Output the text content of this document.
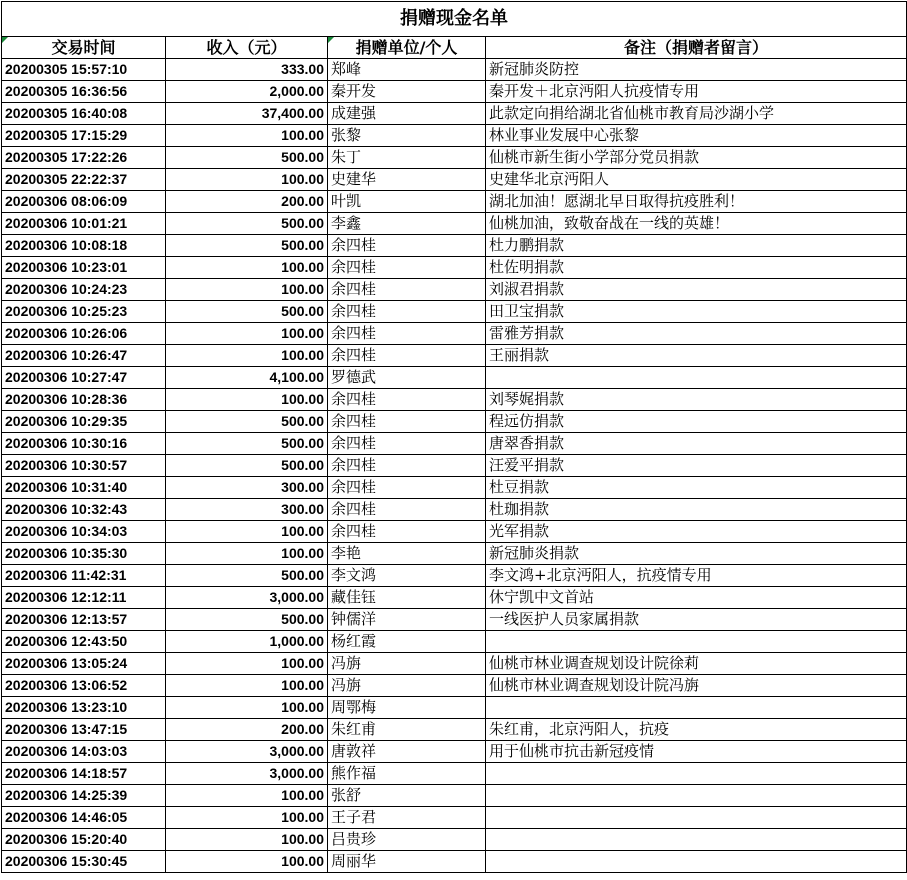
捐赠现金名单			

交易时间	收入（元）	捐赠单位/个人	备注（捐赠者留言）
20200305 15:57:10	333.00	郑峰	新冠肺炎防控
20200305 16:36:56	2,000.00	秦开发	秦开发＋北京沔阳人抗疫情专用
20200305 16:40:08	37,400.00	成建强	此款定向捐给湖北省仙桃市教育局沙湖小学
20200305 17:15:29	100.00	张黎	林业事业发展中心张黎
20200305 17:22:26	500.00	朱丁	仙桃市新生街小学部分党员捐款
20200305 22:22:37	100.00	史建华	史建华北京沔阳人
20200306 08:06:09	200.00	叶凯	湖北加油！愿湖北早日取得抗疫胜利！
20200306 10:01:21	500.00	李鑫	仙桃加油，致敬奋战在一线的英雄！
20200306 10:08:18	500.00	余四桂	杜力鹏捐款
20200306 10:23:01	100.00	余四桂	杜佐明捐款
20200306 10:24:23	100.00	余四桂	刘淑君捐款
20200306 10:25:23	500.00	余四桂	田卫宝捐款
20200306 10:26:06	100.00	余四桂	雷雅芳捐款
20200306 10:26:47	100.00	余四桂	王丽捐款
20200306 10:27:47	4,100.00	罗德武	
20200306 10:28:36	100.00	余四桂	刘琴娓捐款
20200306 10:29:35	500.00	余四桂	程远仿捐款
20200306 10:30:16	500.00	余四桂	唐翠香捐款
20200306 10:30:57	500.00	余四桂	汪爱平捐款
20200306 10:31:40	300.00	余四桂	杜豆捐款
20200306 10:32:43	300.00	余四桂	杜珈捐款
20200306 10:34:03	100.00	余四桂	光军捐款
20200306 10:35:30	100.00	李艳	新冠肺炎捐款
20200306 11:42:31	500.00	李文鸿	李文鸿+北京沔阳人，抗疫情专用
20200306 12:12:11	3,000.00	藏佳钰	休宁凯中文首站
20200306 12:13:57	500.00	钟儒洋	一线医护人员家属捐款
20200306 12:43:50	1,000.00	杨红霞	
20200306 13:05:24	100.00	冯旃	仙桃市林业调查规划设计院徐莉
20200306 13:06:52	100.00	冯旃	仙桃市林业调查规划设计院冯旃
20200306 13:23:10	100.00	周鄂梅	
20200306 13:47:15	200.00	朱红甫	朱红甫，北京沔阳人，抗疫
20200306 14:03:03	3,000.00	唐敦祥	用于仙桃市抗击新冠疫情
20200306 14:18:57	3,000.00	熊作福	
20200306 14:25:39	100.00	张舒	
20200306 14:46:05	100.00	王子君	
20200306 15:20:40	100.00	吕贵珍	
20200306 15:30:45	100.00	周丽华	
